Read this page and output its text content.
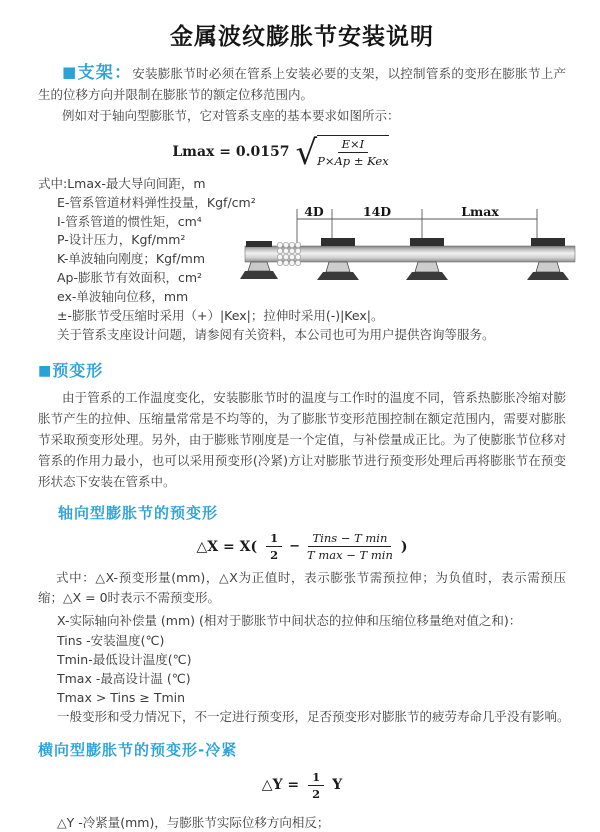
金属波纹膨胀节安装说明

■支架：安装膨胀节时必须在管系上安装必要的支架，以控制管系的变形在膨胀节上产生的位移方向并限制在膨胀节的额定位移范围内。

例如对于轴向型膨胀节，它对管系支座的基本要求如图所示：

Lmax = 0.0157 √ $\frac{E\times I}{\text{P×Ap ± Kex}}$
式中:Lmax-最大导向间距，m
E-管系管道材料弹性投量，Kgf/cm²
I-管系管道的惯性矩，cm⁴
P-设计压力，Kgf/mm²
K-单波轴向刚度；Kgf/mm
Ap-膨胀节有效面积，cm²
ex-单波轴向位移，mm
±-膨胀节受压缩时采用（+）|Kex|；拉伸时采用(-)|Kex|。
关于管系支座设计问题，请参阅有关资料，本公司也可为用户提供咨询等服务。
4D	14D	Lmax
■预变形

由于管系的工作温度变化，安装膨胀节时的温度与工作时的温度不同，管系热膨胀冷缩对膨胀节产生的拉伸、压缩量常常是不均等的，为了膨胀节变形范围控制在额定范围内，需要对膨胀节采取预变形处理。另外，由于膨账节刚度是一个定值，与补偿量成正比。为了使膨胀节位移对管系的作用力最小，也可以采用预变形(冷紧)方让对膨胀节进行预变形处理后再将膨胀节在预变形状态下安装在管系中。

轴向型膨胀节的预变形
△X = $X( \frac{1}{2} - \frac{\text{Tins − T min}}{\text{T max − T min}}$ )

式中：△X-预变形量(mm)，△X为正值时，表示膨张节需预拉伸；为负值时，表示需预压缩；△X = 0时表示不需预变形。

X-实际轴向补偿量 (mm) (相对于膨胀节中间状态的拉伸和压缩位移量绝对值之和)：
Tins -安装温度(℃)
Tmin-最低设计温度(℃)
Tmax -最高设计温 (℃)
Tmax > Tins ≥ Tmin
一般变形和受力情况下，不一定进行预变形，足否预变形对膨胀节的疲劳寿命几乎没有影响。
横向型膨胀节的预变形-冷紧
△Y = $\frac{1}{2}$ Y
△Y -冷紧量(mm)，与膨胀节实际位移方向相反；
